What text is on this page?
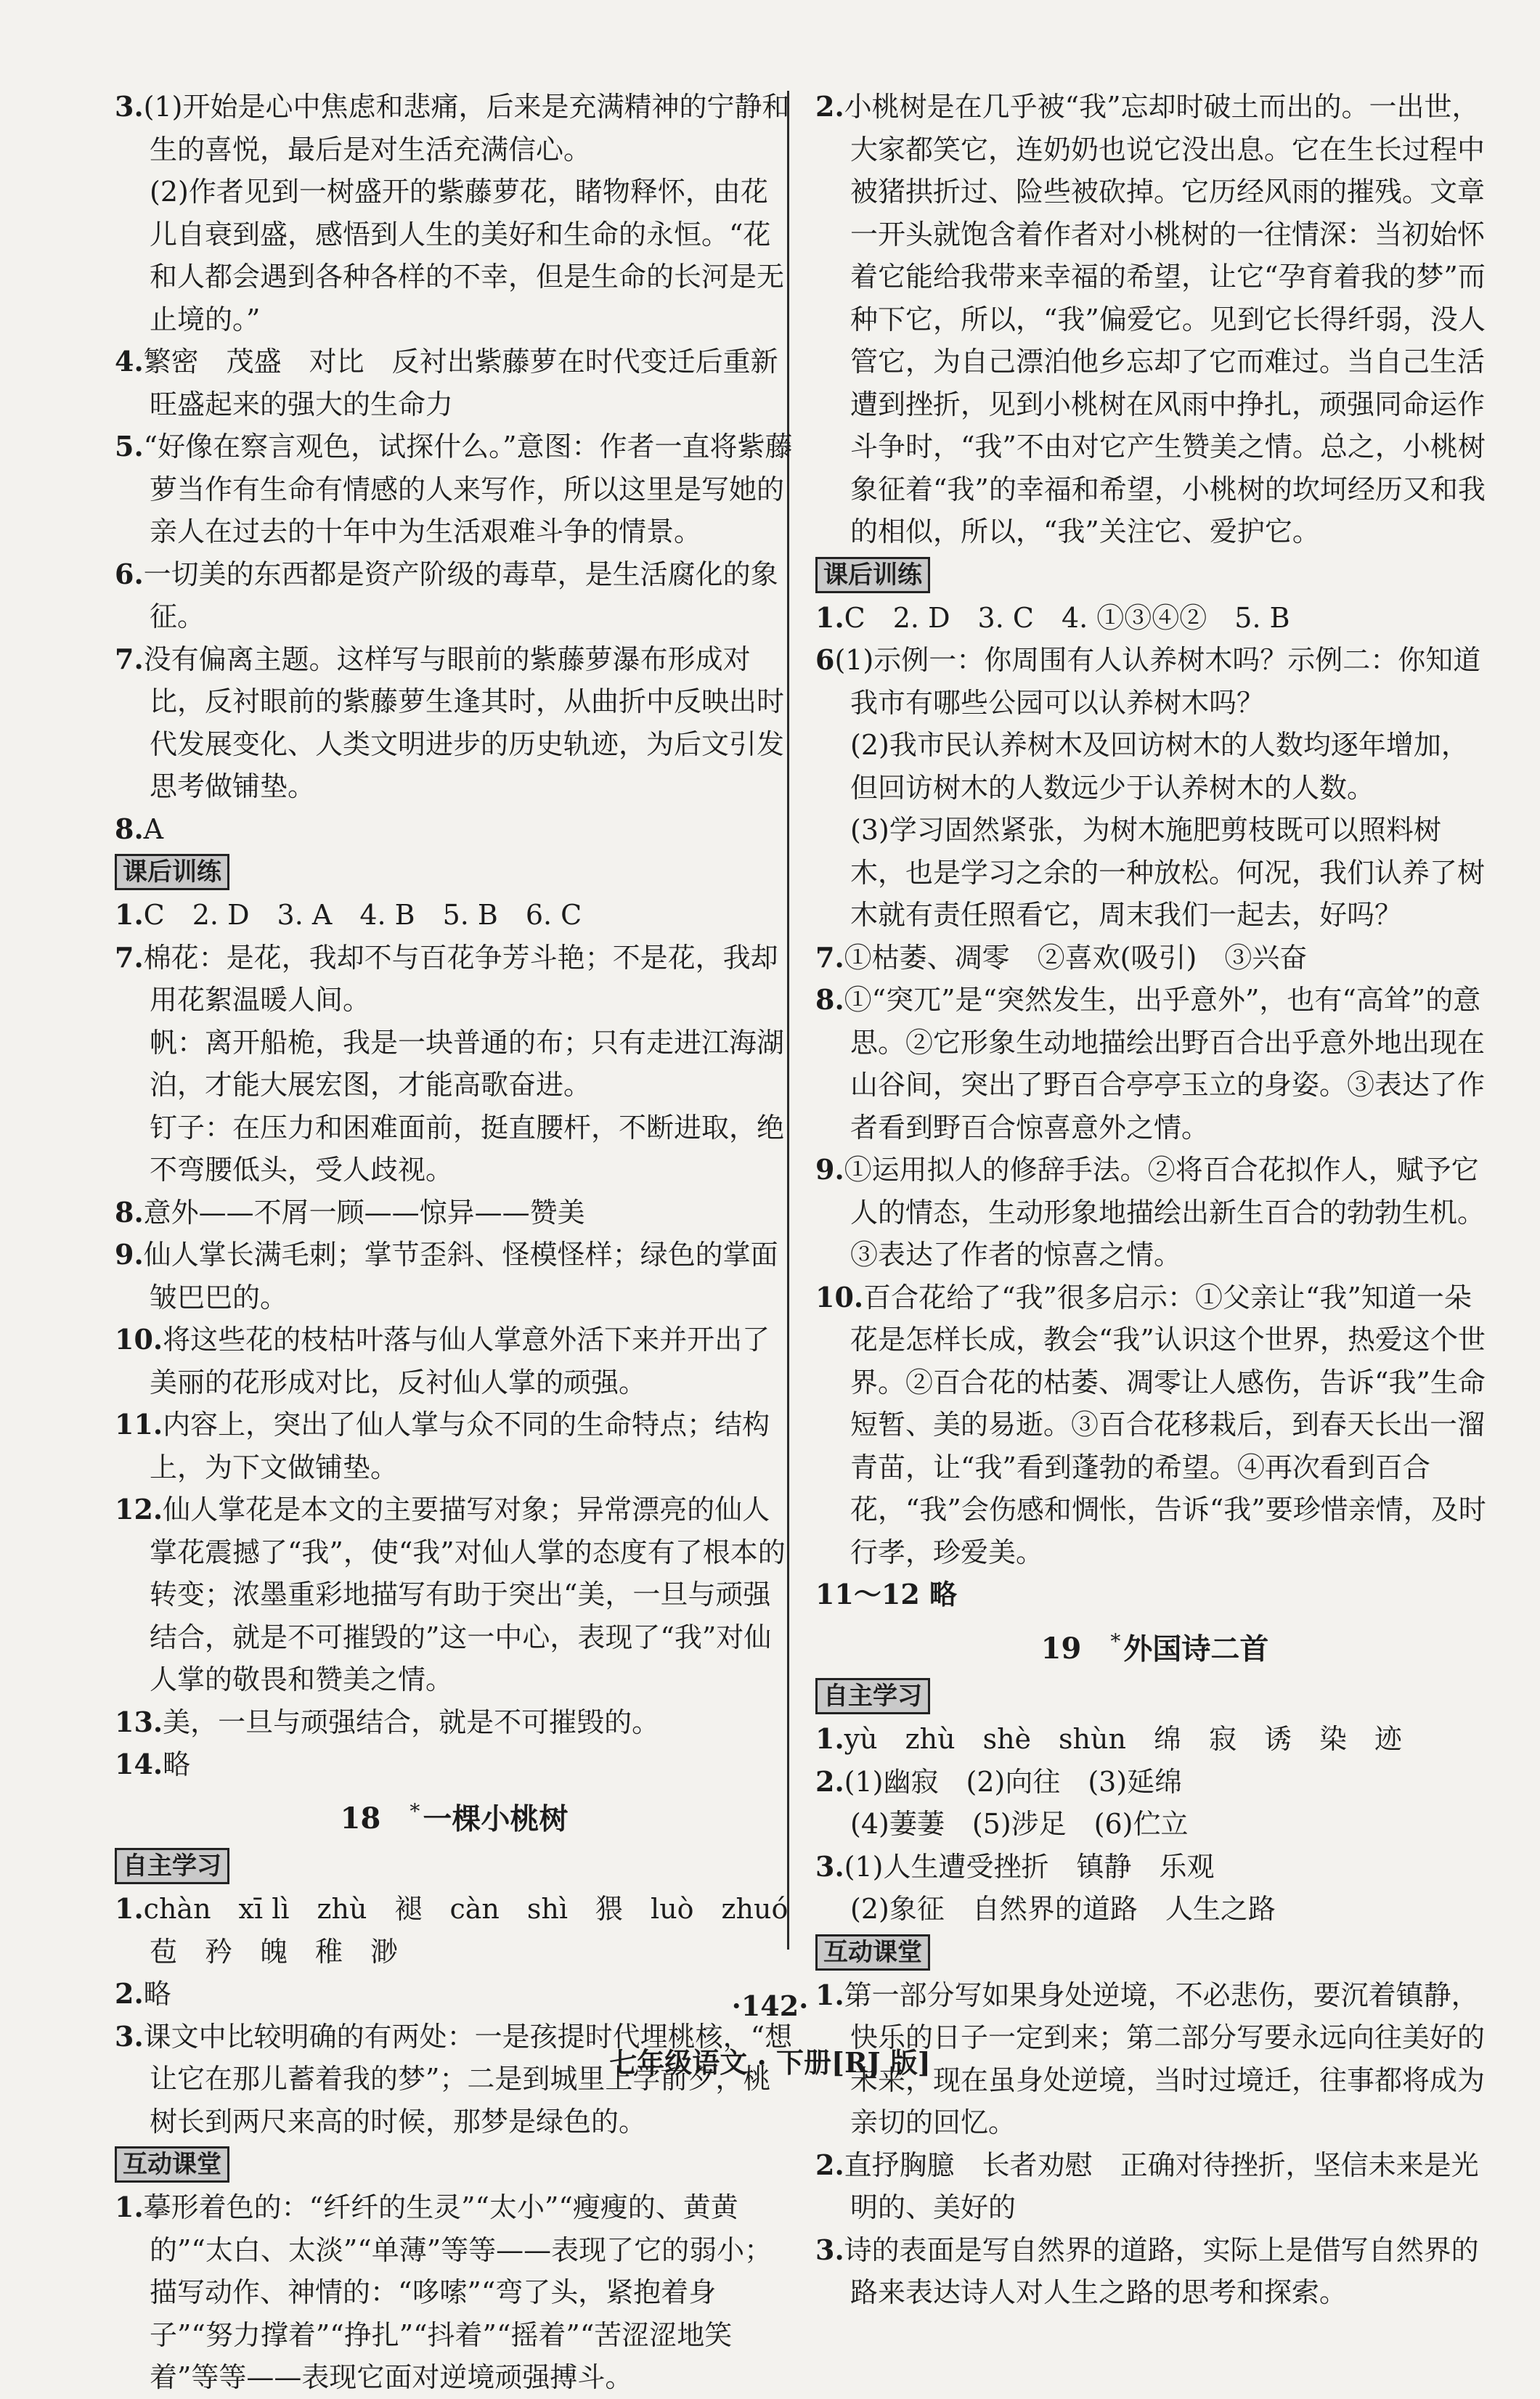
3.(1)开始是心中焦虑和悲痛，后来是充满精神的宁静和生的喜悦，最后是对生活充满信心。
(2)作者见到一树盛开的紫藤萝花，睹物释怀，由花儿自衰到盛，感悟到人生的美好和生命的永恒。“花和人都会遇到各种各样的不幸，但是生命的长河是无止境的。”
4.繁密　茂盛　对比　反衬出紫藤萝在时代变迁后重新旺盛起来的强大的生命力
5.“好像在察言观色，试探什么。”意图：作者一直将紫藤萝当作有生命有情感的人来写作，所以这里是写她的亲人在过去的十年中为生活艰难斗争的情景。
6.一切美的东西都是资产阶级的毒草，是生活腐化的象征。
7.没有偏离主题。这样写与眼前的紫藤萝瀑布形成对比，反衬眼前的紫藤萝生逢其时，从曲折中反映出时代发展变化、人类文明进步的历史轨迹，为后文引发思考做铺垫。
8.A
课后训练
1.C　2. D　3. A　4. B　5. B　6. C
7.棉花：是花，我却不与百花争芳斗艳；不是花，我却用花絮温暖人间。
帆：离开船桅，我是一块普通的布；只有走进江海湖泊，才能大展宏图，才能高歌奋进。
钉子：在压力和困难面前，挺直腰杆，不断进取，绝不弯腰低头，受人歧视。
8.意外——不屑一顾——惊异——赞美
9.仙人掌长满毛刺；掌节歪斜、怪模怪样；绿色的掌面皱巴巴的。
10.将这些花的枝枯叶落与仙人掌意外活下来并开出了美丽的花形成对比，反衬仙人掌的顽强。
11.内容上，突出了仙人掌与众不同的生命特点；结构上，为下文做铺垫。
12.仙人掌花是本文的主要描写对象；异常漂亮的仙人掌花震撼了“我”，使“我”对仙人掌的态度有了根本的转变；浓墨重彩地描写有助于突出“美，一旦与顽强结合，就是不可摧毁的”这一中心，表现了“我”对仙人掌的敬畏和赞美之情。
13.美，一旦与顽强结合，就是不可摧毁的。
14.略
18 * 一棵小桃树
自主学习
1.chàn　xī lì　zhù　褪　càn　shì　猥　luò　zhuó
苞　矜　魄　稚　渺
2.略
3.课文中比较明确的有两处：一是孩提时代埋桃核，“想让它在那儿蓄着我的梦”；二是到城里上学前夕，桃树长到两尺来高的时候，那梦是绿色的。
互动课堂
1.摹形着色的：“纤纤的生灵”“太小”“瘦瘦的、黄黄的”“太白、太淡”“单薄”等等——表现了它的弱小；描写动作、神情的：“哆嗦”“弯了头，紧抱着身子”“努力撑着”“挣扎”“抖着”“摇着”“苦涩涩地笑着”等等——表现它面对逆境顽强搏斗。
2.小桃树是在几乎被“我”忘却时破土而出的。一出世，大家都笑它，连奶奶也说它没出息。它在生长过程中被猪拱折过、险些被砍掉。它历经风雨的摧残。文章一开头就饱含着作者对小桃树的一往情深：当初始怀着它能给我带来幸福的希望，让它“孕育着我的梦”而种下它，所以，“我”偏爱它。见到它长得纤弱，没人管它，为自己漂泊他乡忘却了它而难过。当自己生活遭到挫折，见到小桃树在风雨中挣扎，顽强同命运作斗争时，“我”不由对它产生赞美之情。总之，小桃树象征着“我”的幸福和希望，小桃树的坎坷经历又和我的相似，所以，“我”关注它、爱护它。
课后训练
1.C　2. D　3. C　4. ①③④②　5. B
6(1)示例一：你周围有人认养树木吗？示例二：你知道我市有哪些公园可以认养树木吗？
(2)我市民认养树木及回访树木的人数均逐年增加，但回访树木的人数远少于认养树木的人数。
(3)学习固然紧张，为树木施肥剪枝既可以照料树木，也是学习之余的一种放松。何况，我们认养了树木就有责任照看它，周末我们一起去，好吗？
7.①枯萎、凋零　②喜欢(吸引)　③兴奋
8.①“突兀”是“突然发生，出乎意外”，也有“高耸”的意思。②它形象生动地描绘出野百合出乎意外地出现在山谷间，突出了野百合亭亭玉立的身姿。③表达了作者看到野百合惊喜意外之情。
9.①运用拟人的修辞手法。②将百合花拟作人，赋予它人的情态，生动形象地描绘出新生百合的勃勃生机。③表达了作者的惊喜之情。
10.百合花给了“我”很多启示：①父亲让“我”知道一朵花是怎样长成，教会“我”认识这个世界，热爱这个世界。②百合花的枯萎、凋零让人感伤，告诉“我”生命短暂、美的易逝。③百合花移栽后，到春天长出一溜青苗，让“我”看到蓬勃的希望。④再次看到百合花，“我”会伤感和惆怅，告诉“我”要珍惜亲情，及时行孝，珍爱美。
11～12 略
19 * 外国诗二首
自主学习
1.yù　zhù　shè　shùn　绵　寂　诱　染　迹
2.(1)幽寂　(2)向往　(3)延绵
(4)萋萋　(5)涉足　(6)伫立
3.(1)人生遭受挫折　镇静　乐观
(2)象征　自然界的道路　人生之路
互动课堂
1.第一部分写如果身处逆境，不必悲伤，要沉着镇静，快乐的日子一定到来；第二部分写要永远向往美好的未来，现在虽身处逆境，当时过境迁，往事都将成为亲切的回忆。
2.直抒胸臆　长者劝慰　正确对待挫折，坚信未来是光明的、美好的
3.诗的表面是写自然界的道路，实际上是借写自然界的路来表达诗人对人生之路的思考和探索。
·142·
七年级语文 · 下册[RJ 版]
